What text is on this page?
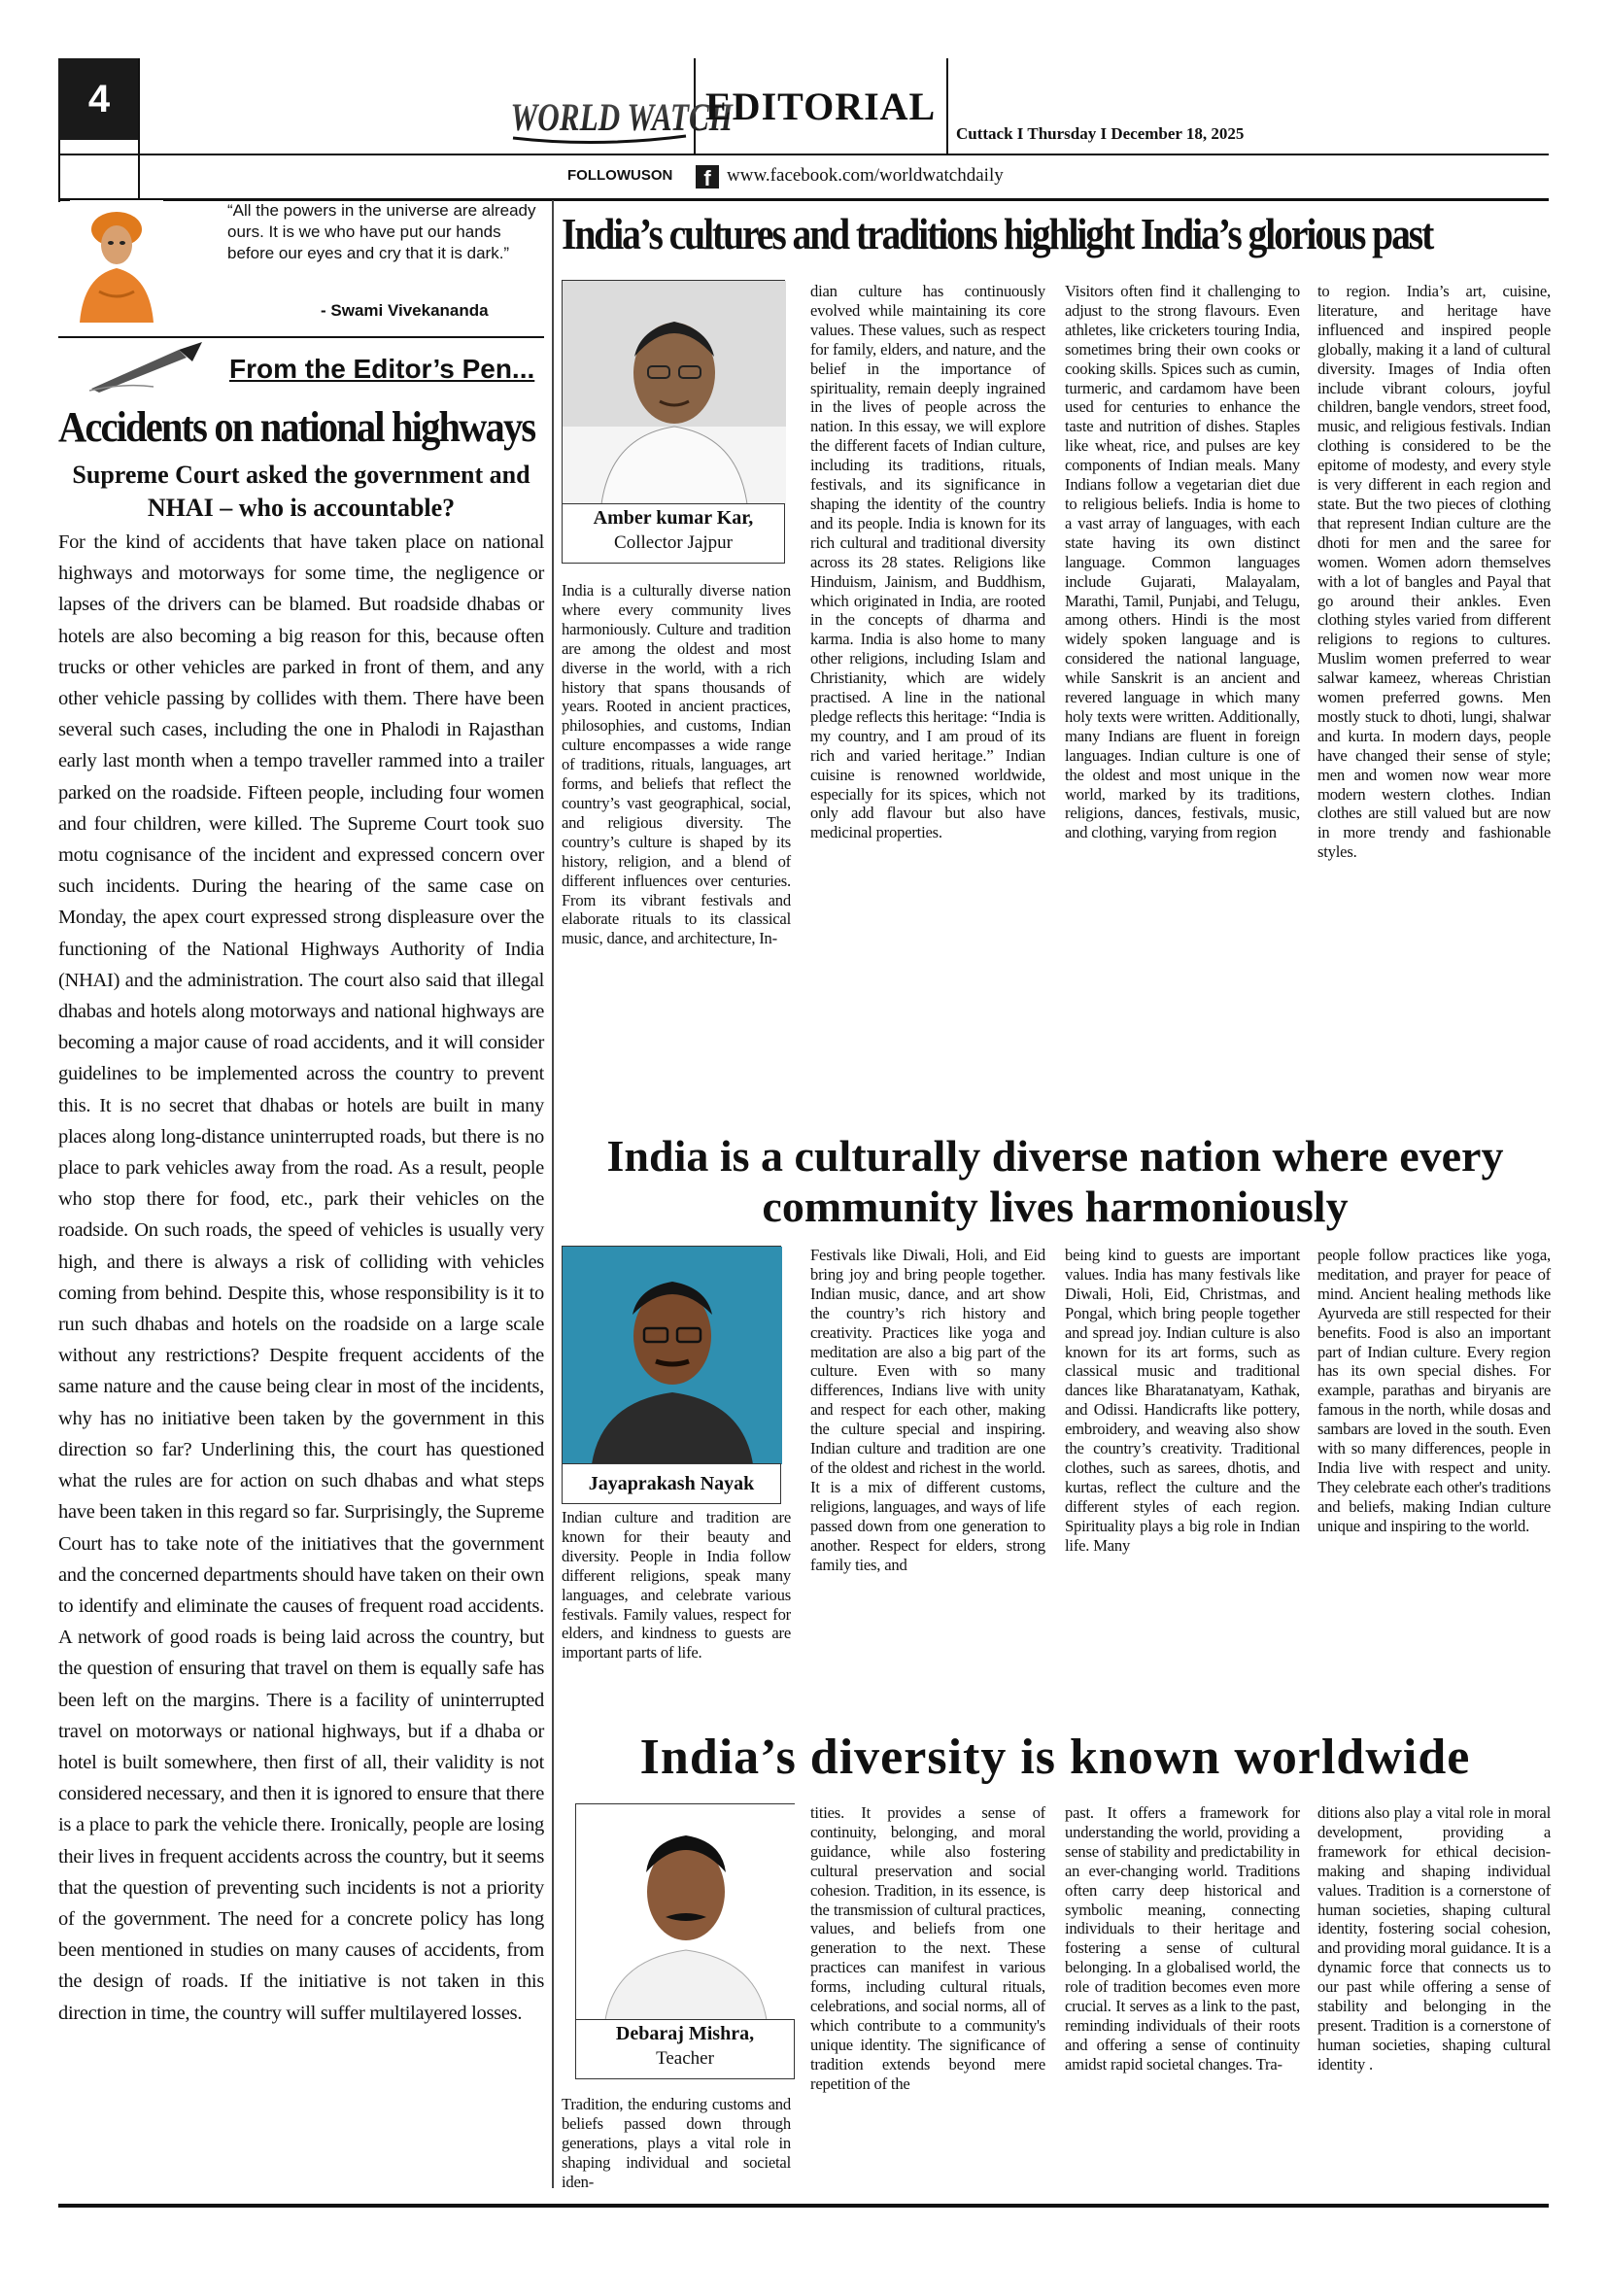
4	WORLD WATCH
EDITORIAL
Cuttack I Thursday I December 18, 2025
FOLLOWUSON	f www.facebook.com/worldwatchdaily
“All the powers in the universe are already ours. It is we who have put our hands before our eyes and cry that it is dark.”
- Swami Vivekananda
From the Editor’s Pen...
Accidents on national highways
Supreme Court asked the government and NHAI – who is accountable?
For the kind of accidents that have taken place on national highways and motorways for some time, the negligence or lapses of the drivers can be blamed. But roadside dhabas or hotels are also becoming a big reason for this, because often trucks or other vehicles are parked in front of them, and any other vehicle passing by collides with them. There have been several such cases, including the one in Phalodi in Rajasthan early last month when a tempo traveller rammed into a trailer parked on the roadside. Fifteen people, including four women and four children, were killed. The Supreme Court took suo motu cognisance of the incident and expressed concern over such incidents. During the hearing of the same case on Monday, the apex court expressed strong displeasure over the functioning of the National Highways Authority of India (NHAI) and the administration. The court also said that illegal dhabas and hotels along motorways and national highways are becoming a major cause of road accidents, and it will consider guidelines to be implemented across the country to prevent this. It is no secret that dhabas or hotels are built in many places along long-distance uninterrupted roads, but there is no place to park vehicles away from the road. As a result, people who stop there for food, etc., park their vehicles on the roadside. On such roads, the speed of vehicles is usually very high, and there is always a risk of colliding with vehicles coming from behind. Despite this, whose responsibility is it to run such dhabas and hotels on the roadside on a large scale without any restrictions? Despite frequent accidents of the same nature and the cause being clear in most of the incidents, why has no initiative been taken by the government in this direction so far? Underlining this, the court has questioned what the rules are for action on such dhabas and what steps have been taken in this regard so far. Surprisingly, the Supreme Court has to take note of the initiatives that the government and the concerned departments should have taken on their own to identify and eliminate the causes of frequent road accidents. A network of good roads is being laid across the country, but the question of ensuring that travel on them is equally safe has been left on the margins. There is a facility of uninterrupted travel on motorways or national highways, but if a dhaba or hotel is built somewhere, then first of all, their validity is not considered necessary, and then it is ignored to ensure that there is a place to park the vehicle there. Ironically, people are losing their lives in frequent accidents across the country, but it seems that the question of preventing such incidents is not a priority of the government. The need for a concrete policy has long been mentioned in studies on many causes of accidents, from the design of roads. If the initiative is not taken in this direction in time, the country will suffer multilayered losses.
India’s cultures and traditions highlight India’s glorious past
Amber kumar Kar,
Collector Jajpur
India is a culturally diverse nation where every community lives harmoniously. Culture and tradition are among the oldest and most diverse in the world, with a rich history that spans thousands of years. Rooted in ancient practices, philosophies, and customs, Indian culture encompasses a wide range of traditions, rituals, languages, art forms, and beliefs that reflect the country’s vast geographical, social, and religious diversity. The country’s culture is shaped by its history, religion, and a blend of different influences over centuries. From its vibrant festivals and elaborate rituals to its classical music, dance, and architecture, In-
dian culture has continuously evolved while maintaining its core values. These values, such as respect for family, elders, and nature, and the belief in the importance of spirituality, remain deeply ingrained in the lives of people across the nation. In this essay, we will explore the different facets of Indian culture, including its traditions, rituals, festivals, and its significance in shaping the identity of the country and its people. India is known for its rich cultural and traditional diversity across its 28 states. Religions like Hinduism, Jainism, and Buddhism, which originated in India, are rooted in the concepts of dharma and karma. India is also home to many other religions, including Islam and Christianity, which are widely practised. A line in the national pledge reflects this heritage: “India is my country, and I am proud of its rich and varied heritage.” Indian cuisine is renowned worldwide, especially for its spices, which not only add flavour but also have medicinal properties.
Visitors often find it challenging to adjust to the strong flavours. Even athletes, like cricketers touring India, sometimes bring their own cooks or cooking skills. Spices such as cumin, turmeric, and cardamom have been used for centuries to enhance the taste and nutrition of dishes. Staples like wheat, rice, and pulses are key components of Indian meals. Many Indians follow a vegetarian diet due to religious beliefs. India is home to a vast array of languages, with each state having its own distinct language. Common languages include Gujarati, Malayalam, Marathi, Tamil, Punjabi, and Telugu, among others. Hindi is the most widely spoken language and is considered the national language, while Sanskrit is an ancient and revered language in which many holy texts were written. Additionally, many Indians are fluent in foreign languages. Indian culture is one of the oldest and most unique in the world, marked by its traditions, religions, dances, festivals, music, and clothing, varying from region
to region. India’s art, cuisine, literature, and heritage have influenced and inspired people globally, making it a land of cultural diversity. Images of India often include vibrant colours, joyful children, bangle vendors, street food, music, and religious festivals. Indian clothing is considered to be the epitome of modesty, and every style is very different in each region and state. But the two pieces of clothing that represent Indian culture are the dhoti for men and the saree for women. Women adorn themselves with a lot of bangles and Payal that go around their ankles. Even clothing styles varied from different religions to regions to cultures. Muslim women preferred to wear salwar kameez, whereas Christian women preferred gowns. Men mostly stuck to dhoti, lungi, shalwar and kurta. In modern days, people have changed their sense of style; men and women now wear more modern western clothes. Indian clothes are still valued but are now in more trendy and fashionable styles.
India is a culturally diverse nation where every community lives harmoniously
Jayaprakash Nayak
Indian culture and tradition are known for their beauty and diversity. People in India follow different religions, speak many languages, and celebrate various festivals. Family values, respect for elders, and kindness to guests are important parts of life.
Festivals like Diwali, Holi, and Eid bring joy and bring people together. Indian music, dance, and art show the country’s rich history and creativity. Practices like yoga and meditation are also a big part of the culture. Even with so many differences, Indians live with unity and respect for each other, making the culture special and inspiring. Indian culture and tradition are one of the oldest and richest in the world. It is a mix of different customs, religions, languages, and ways of life passed down from one generation to another. Respect for elders, strong family ties, and
being kind to guests are important values. India has many festivals like Diwali, Holi, Eid, Christmas, and Pongal, which bring people together and spread joy. Indian culture is also known for its art forms, such as classical music and traditional dances like Bharatanatyam, Kathak, and Odissi. Handicrafts like pottery, embroidery, and weaving also show the country’s creativity. Traditional clothes, such as sarees, dhotis, and kurtas, reflect the culture and the different styles of each region. Spirituality plays a big role in Indian life. Many
people follow practices like yoga, meditation, and prayer for peace of mind. Ancient healing methods like Ayurveda are still respected for their benefits. Food is also an important part of Indian culture. Every region has its own special dishes. For example, parathas and biryanis are famous in the north, while dosas and sambars are loved in the south. Even with so many differences, people in India live with respect and unity. They celebrate each other's traditions and beliefs, making Indian culture unique and inspiring to the world.
India’s diversity is known worldwide
Debaraj Mishra,
Teacher
Tradition, the enduring customs and beliefs passed down through generations, plays a vital role in shaping individual and societal iden-
tities. It provides a sense of continuity, belonging, and moral guidance, while also fostering cultural preservation and social cohesion. Tradition, in its essence, is the transmission of cultural practices, values, and beliefs from one generation to the next. These practices can manifest in various forms, including cultural rituals, celebrations, and social norms, all of which contribute to a community's unique identity. The significance of tradition extends beyond mere repetition of the
past. It offers a framework for understanding the world, providing a sense of stability and predictability in an ever-changing world. Traditions often carry deep historical and symbolic meaning, connecting individuals to their heritage and fostering a sense of cultural belonging. In a globalised world, the role of tradition becomes even more crucial. It serves as a link to the past, reminding individuals of their roots and offering a sense of continuity amidst rapid societal changes. Tra-
ditions also play a vital role in moral development, providing a framework for ethical decision-making and shaping individual values. Tradition is a cornerstone of human societies, shaping cultural identity, fostering social cohesion, and providing moral guidance. It is a dynamic force that connects us to our past while offering a sense of stability and belonging in the present. Tradition is a cornerstone of human societies, shaping cultural identity .
